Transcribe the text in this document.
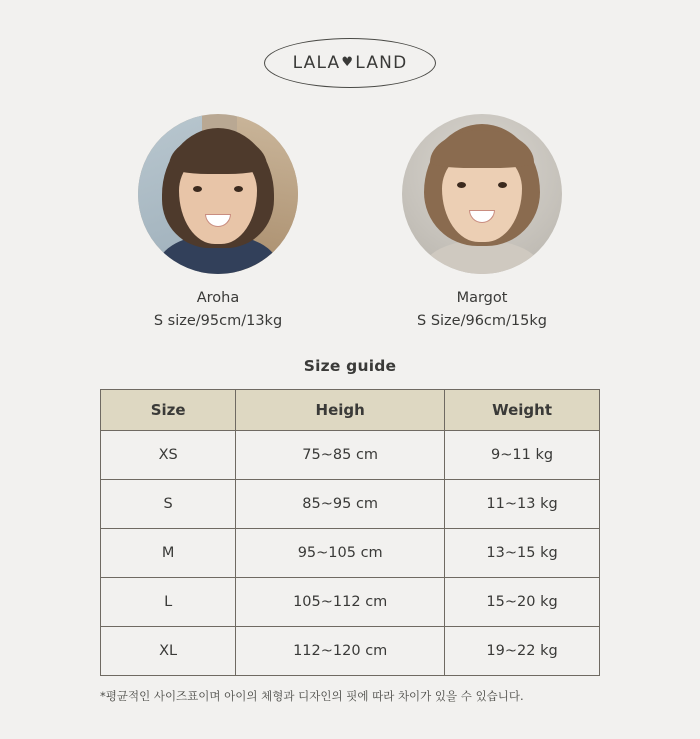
LALA ♥ LAND
Aroha
S size/95cm/13kg
Margot
S Size/96cm/15kg
Size guide
Size	Heigh	Weight
XS	75~85 cm	9~11 kg
S	85~95 cm	11~13 kg
M	95~105 cm	13~15 kg
L	105~112 cm	15~20 kg
XL	112~120 cm	19~22 kg
*평균적인 사이즈표이며 아이의 체형과 디자인의 핏에 따라 차이가 있을 수 있습니다.
